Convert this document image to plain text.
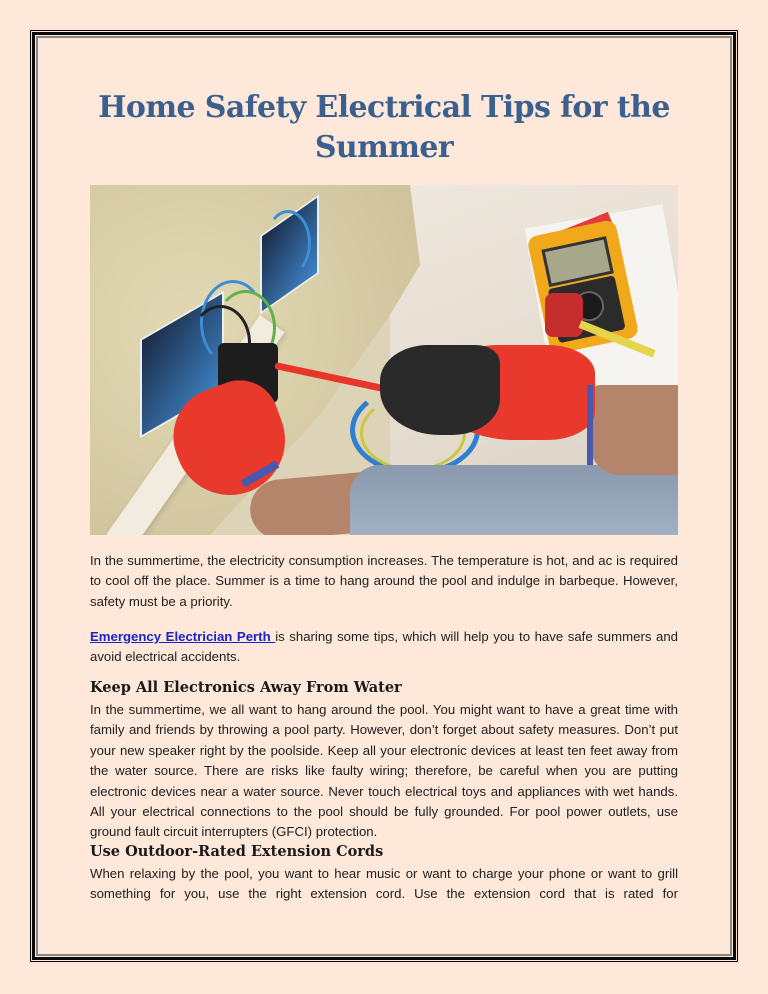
Home Safety Electrical Tips for the Summer

In the summertime, the electricity consumption increases. The temperature is hot, and ac is required to cool off the place. Summer is a time to hang around the pool and indulge in barbeque. However, safety must be a priority.

Emergency Electrician Perth is sharing some tips, which will help you to have safe summers and avoid electrical accidents.

Keep All Electronics Away From Water

In the summertime, we all want to hang around the pool. You might want to have a great time with family and friends by throwing a pool party. However, don’t forget about safety measures. Don’t put your new speaker right by the poolside. Keep all your electronic devices at least ten feet away from the water source. There are risks like faulty wiring; therefore, be careful when you are putting electronic devices near a water source. Never touch electrical toys and appliances with wet hands. All your electrical connections to the pool should be fully grounded. For pool power outlets, use ground fault circuit interrupters (GFCI) protection.

Use Outdoor-Rated Extension Cords

When relaxing by the pool, you want to hear music or want to charge your phone or want to grill something for you, use the right extension cord. Use the extension cord that is rated for
